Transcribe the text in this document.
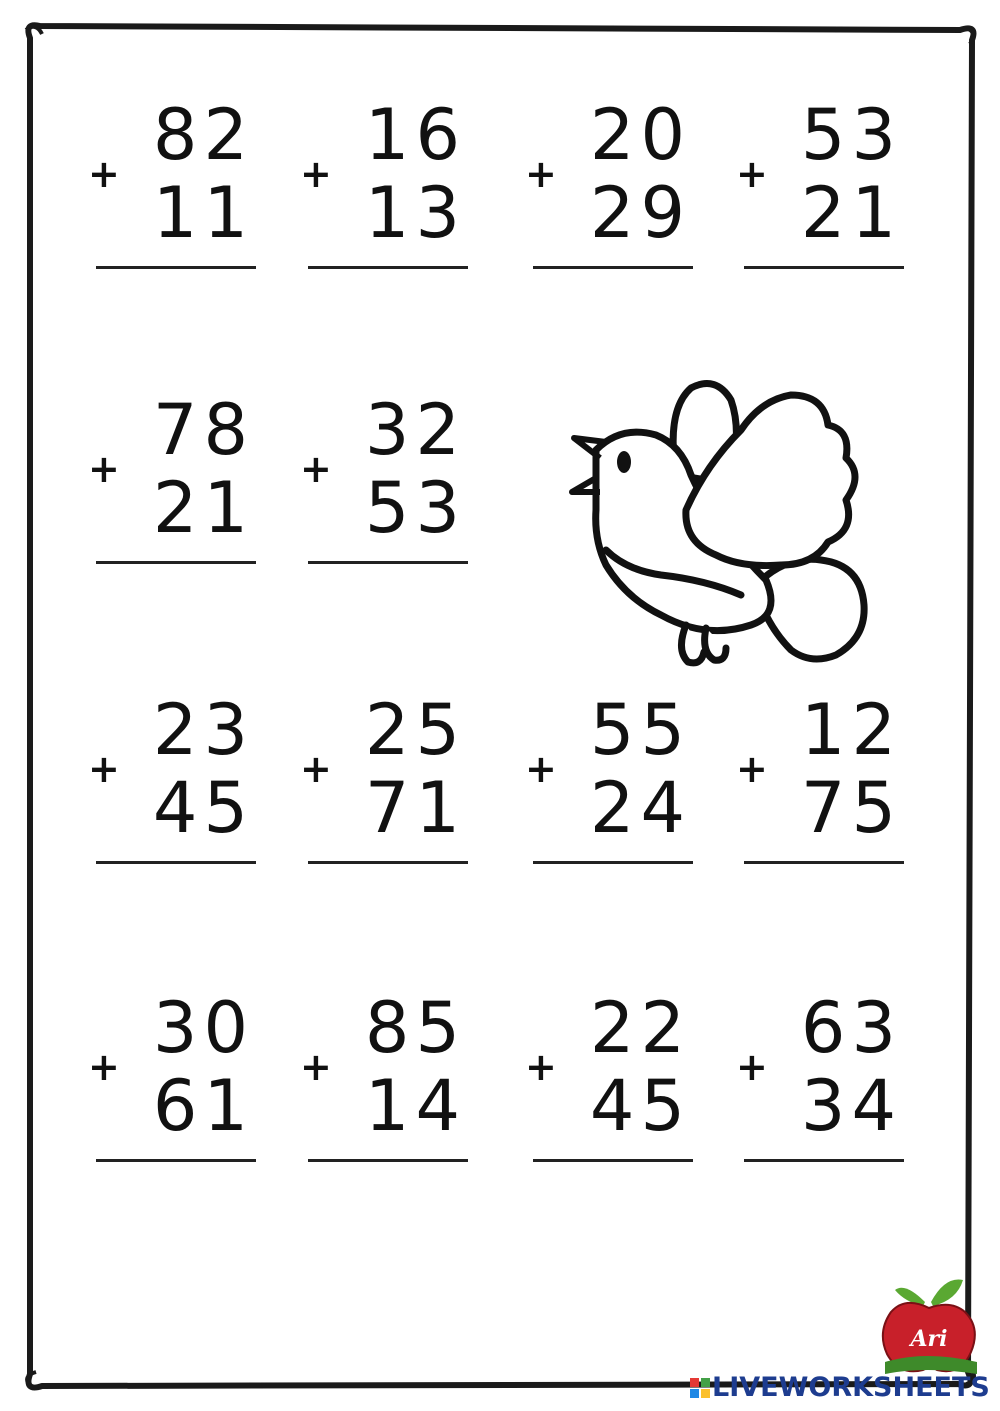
+ 82
11 + 16
13 + 20
29 + 53
21
+ 78
21 + 32
53
+ 23
45 + 25
71 + 55
24 + 12
75
+ 30
61 + 85
14 + 22
45 + 63
34
Ari
LIVEWORKSHEETS
